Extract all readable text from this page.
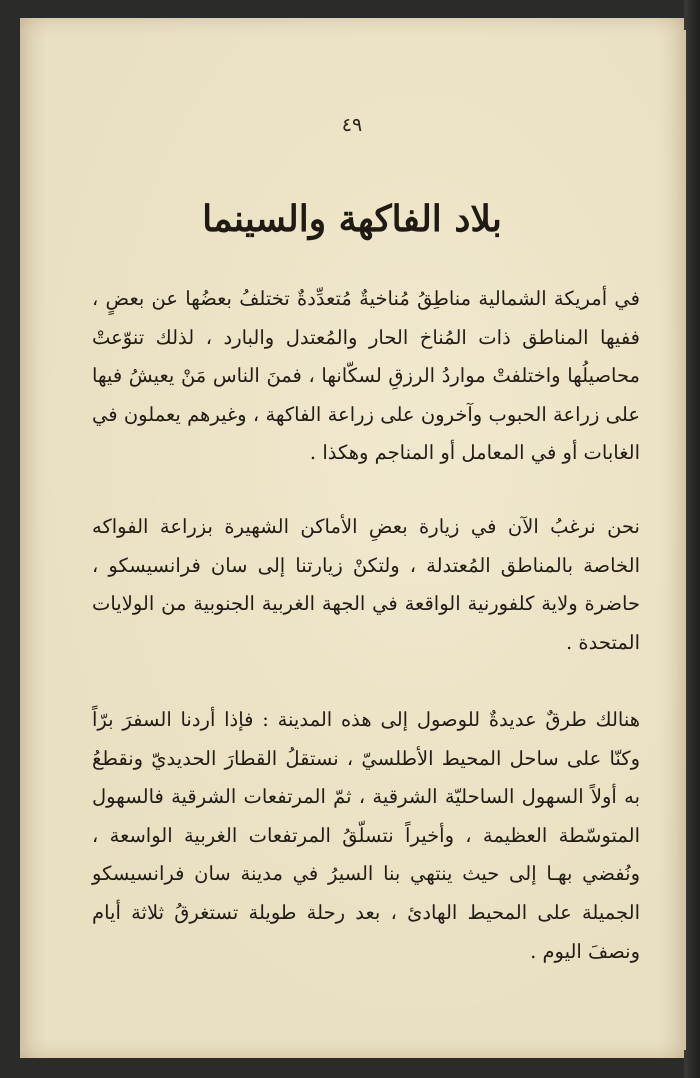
٤٩
بلاد الفاكهة والسينما
في أمريكة الشمالية مناطِقُ مُناخيةٌ مُتعدِّدةٌ تختلفُ بعضُها عن بعضٍ ، ففيها المناطق ذات المُناخ الحار والمُعتدل والبارد ، لذلك تنوّعتْ محاصيلُها واختلفتْ مواردُ الرزقِ لسكّانها ، فمنَ الناس مَنْ يعيشُ فيها على زراعة الحبوب وآخرون على زراعة الفاكهة ، وغيرهم يعملون في الغابات أو في المعامل أو المناجم وهكذا .
نحن نرغبُ الآن في زيارة بعضِ الأماكن الشهيرة بزراعة الفواكه الخاصة بالمناطق المُعتدلة ، ولتكنْ زيارتنا إلى سان فرانسيسكو ، حاضرة ولاية كلفورنية الواقعة في الجهة الغربية الجنوبية من الولايات المتحدة .
هنالك طرقٌ عديدةٌ للوصول إلى هذه المدينة : فإذا أردنا السفرَ برّاً وكنّا على ساحل المحيط الأطلسيّ ، نستقلُ القطارَ الحديديّ ونقطعُ به أولاً السهول الساحليّة الشرقية ، ثمّ المرتفعات الشرقية فالسهول المتوسّطة العظيمة ، وأخيراً نتسلّقُ المرتفعات الغربية الواسعة ، ونُفضي بهـا إلى حيث ينتهي بنا السيرُ في مدينة سان فرانسيسكو الجميلة على المحيط الهادئ ، بعد رحلة طويلة تستغرقُ ثلاثة أيام ونصفَ اليوم .
